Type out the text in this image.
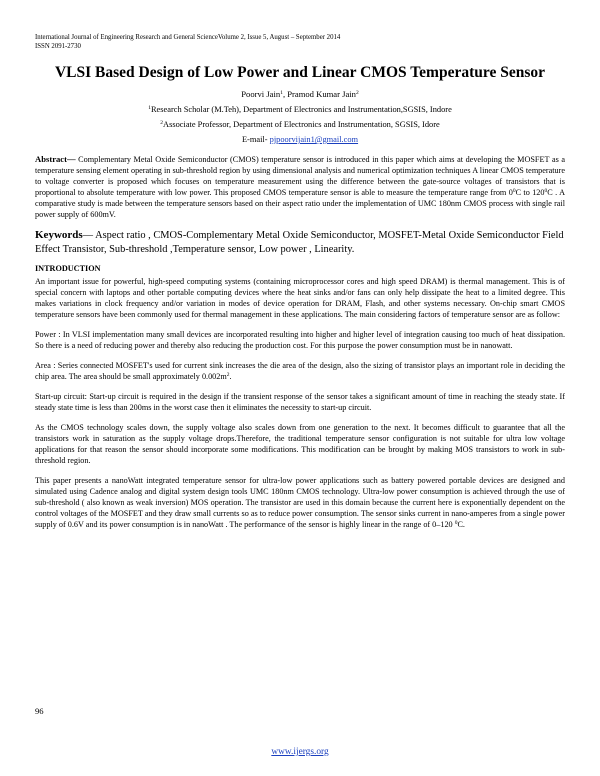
International Journal of Engineering Research and General ScienceVolume 2, Issue 5, August – September 2014
ISSN 2091-2730
VLSI Based Design of Low Power and Linear CMOS Temperature Sensor
Poorvi Jain$^1$, Pramod Kumar Jain$^2$
$^1$Research Scholar (M.Teh), Department of Electronics and Instrumentation,SGSIS, Indore
$^2$Associate Professor, Department of Electronics and Instrumentation, SGSIS, Idore
E-mail- pjpoorvijain1@gmail.com
Abstract— Complementary Metal Oxide Semiconductor (CMOS) temperature sensor is introduced in this paper which aims at developing the MOSFET as a temperature sensing element operating in sub-threshold region by using dimensional analysis and numerical optimization techniques A linear CMOS temperature to voltage converter is proposed which focuses on temperature measurement using the difference between the gate-source voltages of transistors that is proportional to absolute temperature with low power. This proposed CMOS temperature sensor is able to measure the temperature range from $0^0C$ to $120^0C$ . A comparative study is made between the temperature sensors based on their aspect ratio under the implementation of UMC 180nm CMOS process with single rail power supply of 600mV.
Keywords— Aspect ratio , CMOS-Complementary Metal Oxide Semiconductor, MOSFET-Metal Oxide Semiconductor Field Effect Transistor, Sub-threshold ,Temperature sensor, Low power , Linearity.
INTRODUCTION

An important issue for powerful, high-speed computing systems (containing microprocessor cores and high speed DRAM) is thermal management. This is of special concern with laptops and other portable computing devices where the heat sinks and/or fans can only help dissipate the heat to a limited degree. This makes variations in clock frequency and/or variation in modes of device operation for DRAM, Flash, and other systems necessary. On-chip smart CMOS temperature sensors have been commonly used for thermal management in these applications. The main considering factors of temperature sensor are as follow:

Power : In VLSI implementation many small devices are incorporated resulting into higher and higher level of integration causing too much of heat dissipation. So there is a need of reducing power and thereby also reducing the production cost. For this purpose the power consumption must be in nanowatt.

Area : Series connected MOSFET's used for current sink increases the die area of the design, also the sizing of transistor plays an important role in deciding the chip area. The area should be small approximately $0.002m^2$.

Start-up circuit: Start-up circuit is required in the design if the transient response of the sensor takes a significant amount of time in reaching the steady state. If steady state time is less than 200ms in the worst case then it eliminates the necessity to start-up circuit.

As the CMOS technology scales down, the supply voltage also scales down from one generation to the next. It becomes difficult to guarantee that all the transistors work in saturation as the supply voltage drops.Therefore, the traditional temperature sensor configuration is not suitable for ultra low voltage applications for that reason the sensor should incorporate some modifications. This modification can be brought by making MOS transistors to work in sub-threshold region.

This paper presents a nanoWatt integrated temperature sensor for ultra-low power applications such as battery powered portable devices are designed and simulated using Cadence analog and digital system design tools UMC 180nm CMOS technology. Ultra-low power consumption is achieved through the use of sub-threshold ( also known as weak inversion) MOS operation. The transistor are used in this domain because the current here is exponentially dependent on the control voltages of the MOSFET and they draw small currents so as to reduce power consumption. The sensor sinks current in nano-amperes from a single power supply of 0.6V and its power consumption is in nanoWatt . The performance of the sensor is highly linear in the range of 0–120 $^0$C.

96
www.ijergs.org
